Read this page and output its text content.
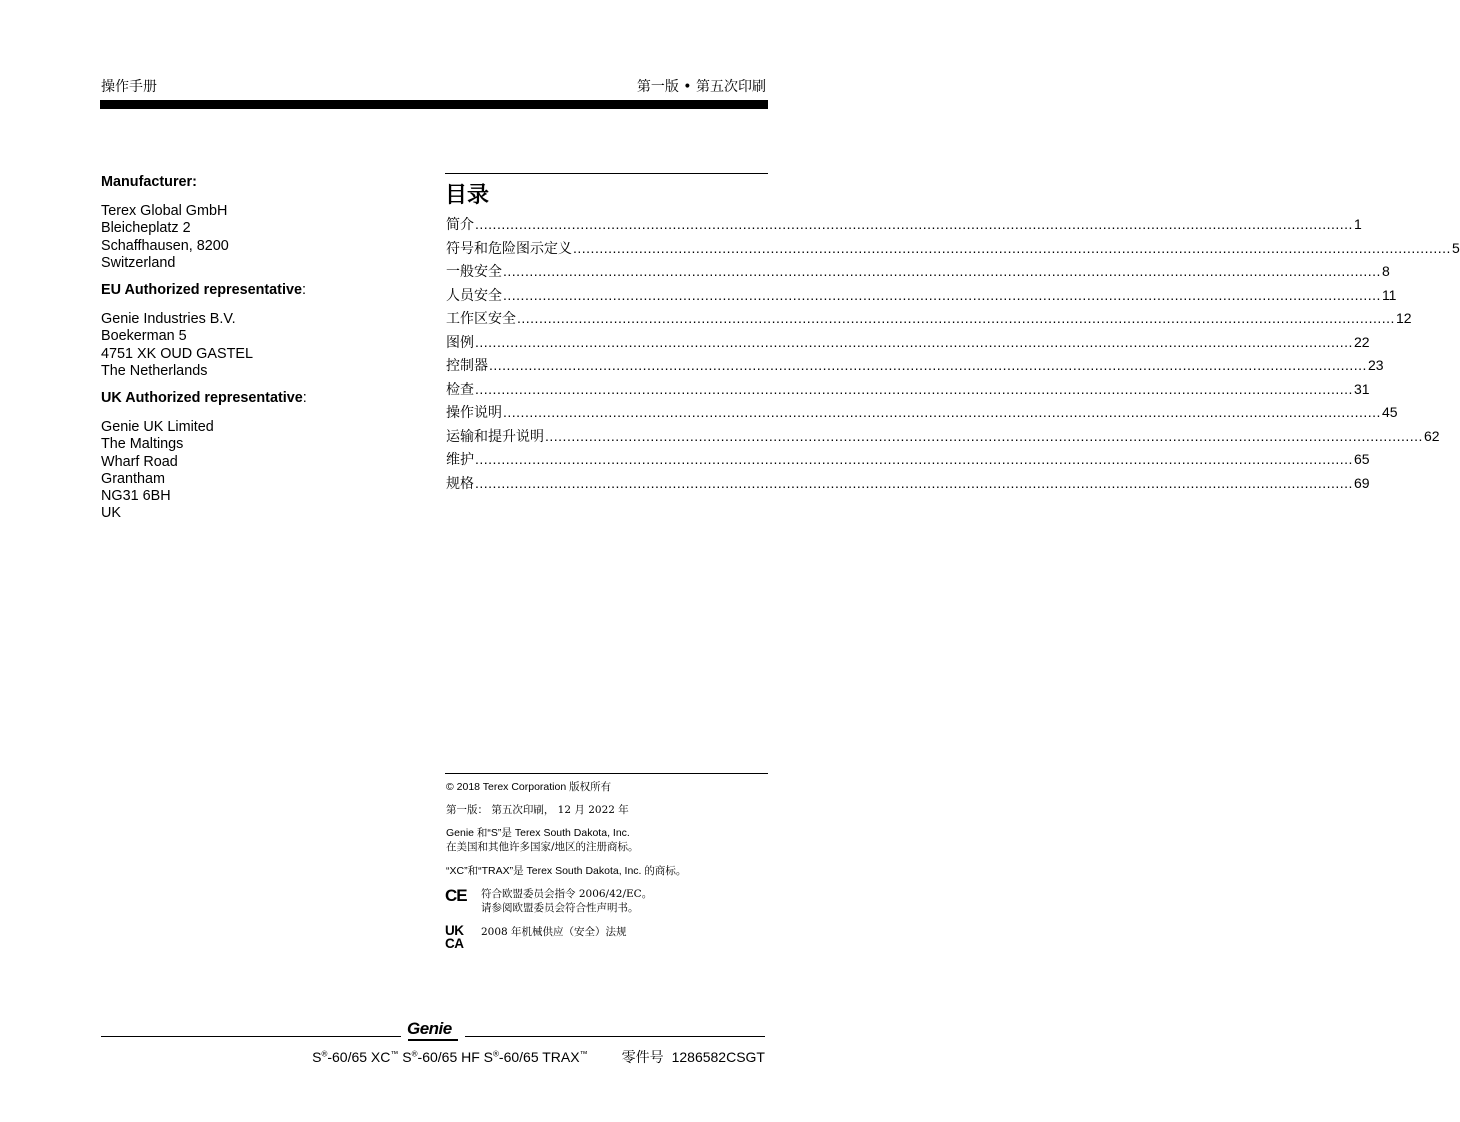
操作手册	第一版 • 第五次印刷

Manufacturer:

Terex Global GmbH
Bleicheplatz 2
Schaffhausen, 8200
Switzerland

EU Authorized representative:

Genie Industries B.V.
Boekerman 5
4751 XK OUD GASTEL
The Netherlands

UK Authorized representative:

Genie UK Limited
The Maltings
Wharf Road
Grantham
NG31 6BH
UK
目录
简介 ........................................................................................................................................................................................................ 1
符号和危险图示定义 ........................................................................................................................................................................................................ 5
一般安全 ........................................................................................................................................................................................................ 8
人员安全 ........................................................................................................................................................................................................ 11
工作区安全 ........................................................................................................................................................................................................ 12
图例 ........................................................................................................................................................................................................ 22
控制器 ........................................................................................................................................................................................................ 23
检查 ........................................................................................................................................................................................................ 31
操作说明 ........................................................................................................................................................................................................ 45
运输和提升说明 ........................................................................................................................................................................................................ 62
维护 ........................................................................................................................................................................................................ 65
规格 ........................................................................................................................................................................................................ 69
© 2018 Terex Corporation 版权所有
第一版： 第五次印刷， 12 月 2022 年
Genie 和“S”是 Terex South Dakota, Inc.
在美国和其他许多国家/地区的注册商标。
“XC”和“TRAX”是 Terex South Dakota, Inc. 的商标。
CE 符合欧盟委员会指令 2006/42/EC。
请参阅欧盟委员会符合性声明书。
UK
CA
2008 年机械供应（安全）法规
Genie
S®-60/65 XC™ S®-60/65 HF S®-60/65 TRAX™ 零件号 1286582CSGT
